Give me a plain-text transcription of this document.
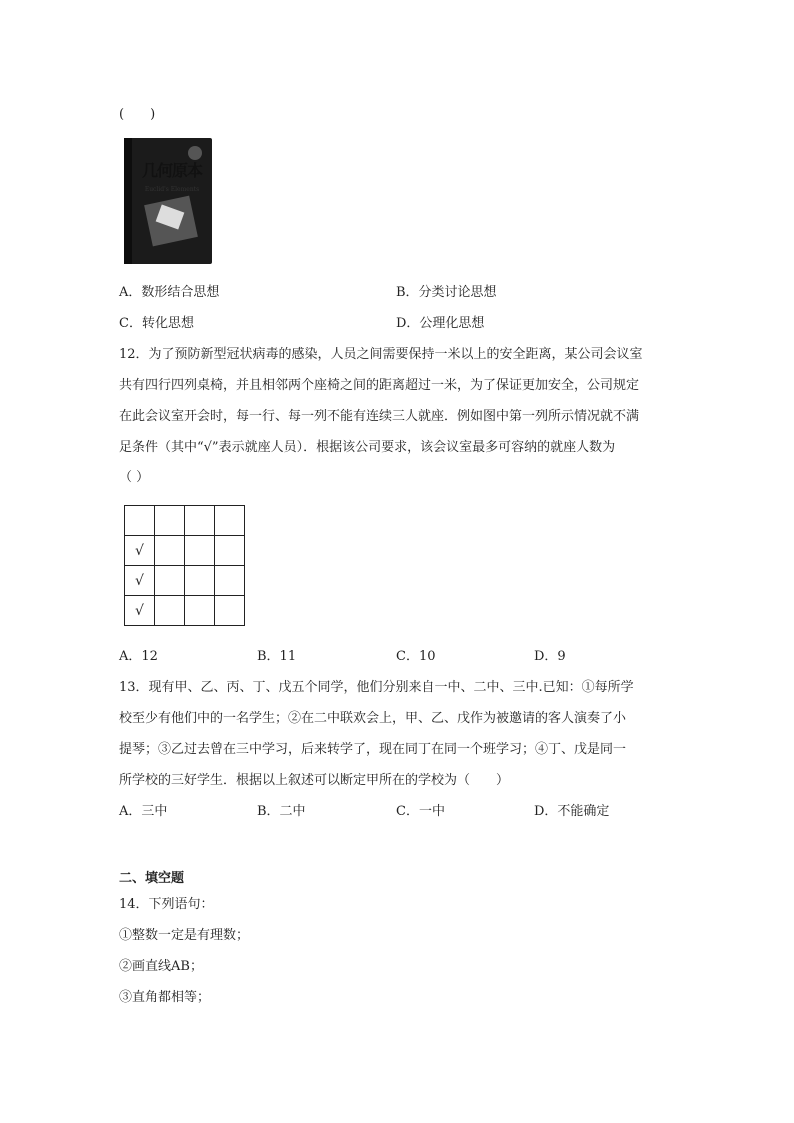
(　　)
几何原本
Euclid's Elements
A．数形结合思想	B．分类讨论思想
C．转化思想	D．公理化思想
12．为了预防新型冠状病毒的感染，人员之间需要保持一米以上的安全距离，某公司会议室
共有四行四列桌椅，并且相邻两个座椅之间的距离超过一米，为了保证更加安全，公司规定
在此会议室开会时，每一行、每一列不能有连续三人就座．例如图中第一列所示情况就不满
足条件（其中“√”表示就座人员）．根据该公司要求，该会议室最多可容纳的就座人数为
（ ）

√			
√			
√			
A．12	B．11	C．10	D．9
13．现有甲、乙、丙、丁、戊五个同学，他们分别来自一中、二中、三中.已知：①每所学
校至少有他们中的一名学生；②在二中联欢会上，甲、乙、戊作为被邀请的客人演奏了小
提琴；③乙过去曾在三中学习，后来转学了，现在同丁在同一个班学习；④丁、戊是同一
所学校的三好学生．根据以上叙述可以断定甲所在的学校为（　　）
A．三中	B．二中	C．一中	D．不能确定
二、填空题
14．下列语句：
①整数一定是有理数；
②画直线AB；
③直角都相等；
